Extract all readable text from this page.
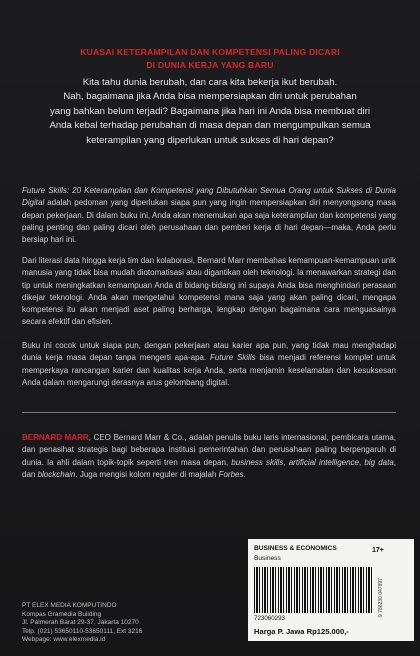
KUASAI KETERAMPILAN DAN KOMPETENSI PALING DICARI
DI DUNIA KERJA YANG BARU
Kita tahu dunia berubah, dan cara kita bekerja ikut berubah.
Nah, bagaimana jika Anda bisa mempersiapkan diri untuk perubahan
yang bahkan belum terjadi? Bagaimana jika hari ini Anda bisa membuat diri
Anda kebal terhadap perubahan di masa depan dan mengumpulkan semua
keterampilan yang diperlukan untuk sukses di hari depan?

Future Skills: 20 Keterampilan dan Kompetensi yang Dibutuhkan Semua Orang untuk Sukses di Dunia Digital adalah pedoman yang diperlukan siapa pun yang ingin mempersiapkan diri menyongsong masa depan pekerjaan. Di dalam buku ini, Anda akan menemukan apa saja keterampilan dan kompetensi yang paling penting dan paling dicari oleh perusahaan dan pemberi kerja di hari depan—maka, Anda perlu bersiap hari ini.

Dari literasi data hingga kerja tim dan kolaborasi, Bernard Marr membahas kemampuan-kemampuan unik manusia yang tidak bisa mudah diotomatisasi atau digantikan oleh teknologi. Ia menawarkan strategi dan tip untuk meningkatkan kemampuan Anda di bidang-bidang ini supaya Anda bisa menghindari perasaan dikejar teknologi. Anda akan mengetahui kompetensi mana saja yang akan paling dicari, mengapa kompetensi itu akan menjadi aset paling berharga, lengkap dengan bagaimana cara menguasainya secara efektif dan efisien.

Buku ini cocok untuk siapa pun, dengan pekerjaan atau karier apa pun, yang tidak mau menghadapi dunia kerja masa depan tanpa mengerti apa-apa. Future Skills bisa menjadi referensi komplet untuk memperkaya rancangan karier dan kualitas kerja Anda, serta menjamin keselamatan dan kesuksesan Anda dalam mengarungi derasnya arus gelombang digital.

BERNARD MARR, CEO Bernard Marr & Co., adalah penulis buku laris internasional, pembicara utama, dan penasihat strategis bagi beberapa institusi pemerintahan dan perusahaan paling berpengaruh di dunia. Ia ahli dalam topik-topik seperti tren masa depan, business skills, artificial intelligence, big data, dan blockchain. Juga mengisi kolom reguler di majalah Forbes.

BUSINESS & ECONOMICS
Business
17+
9 786230 047897
723060293
Harga P. Jawa Rp125.000,-
PT ELEX MEDIA KOMPUTINDO
Kompas Gramedia Building
Jl. Palmerah Barat 29-37, Jakarta 10270
Telp. (021) 53650110-53650111, Ext 3216
Webpage: www.elexmedia.id
